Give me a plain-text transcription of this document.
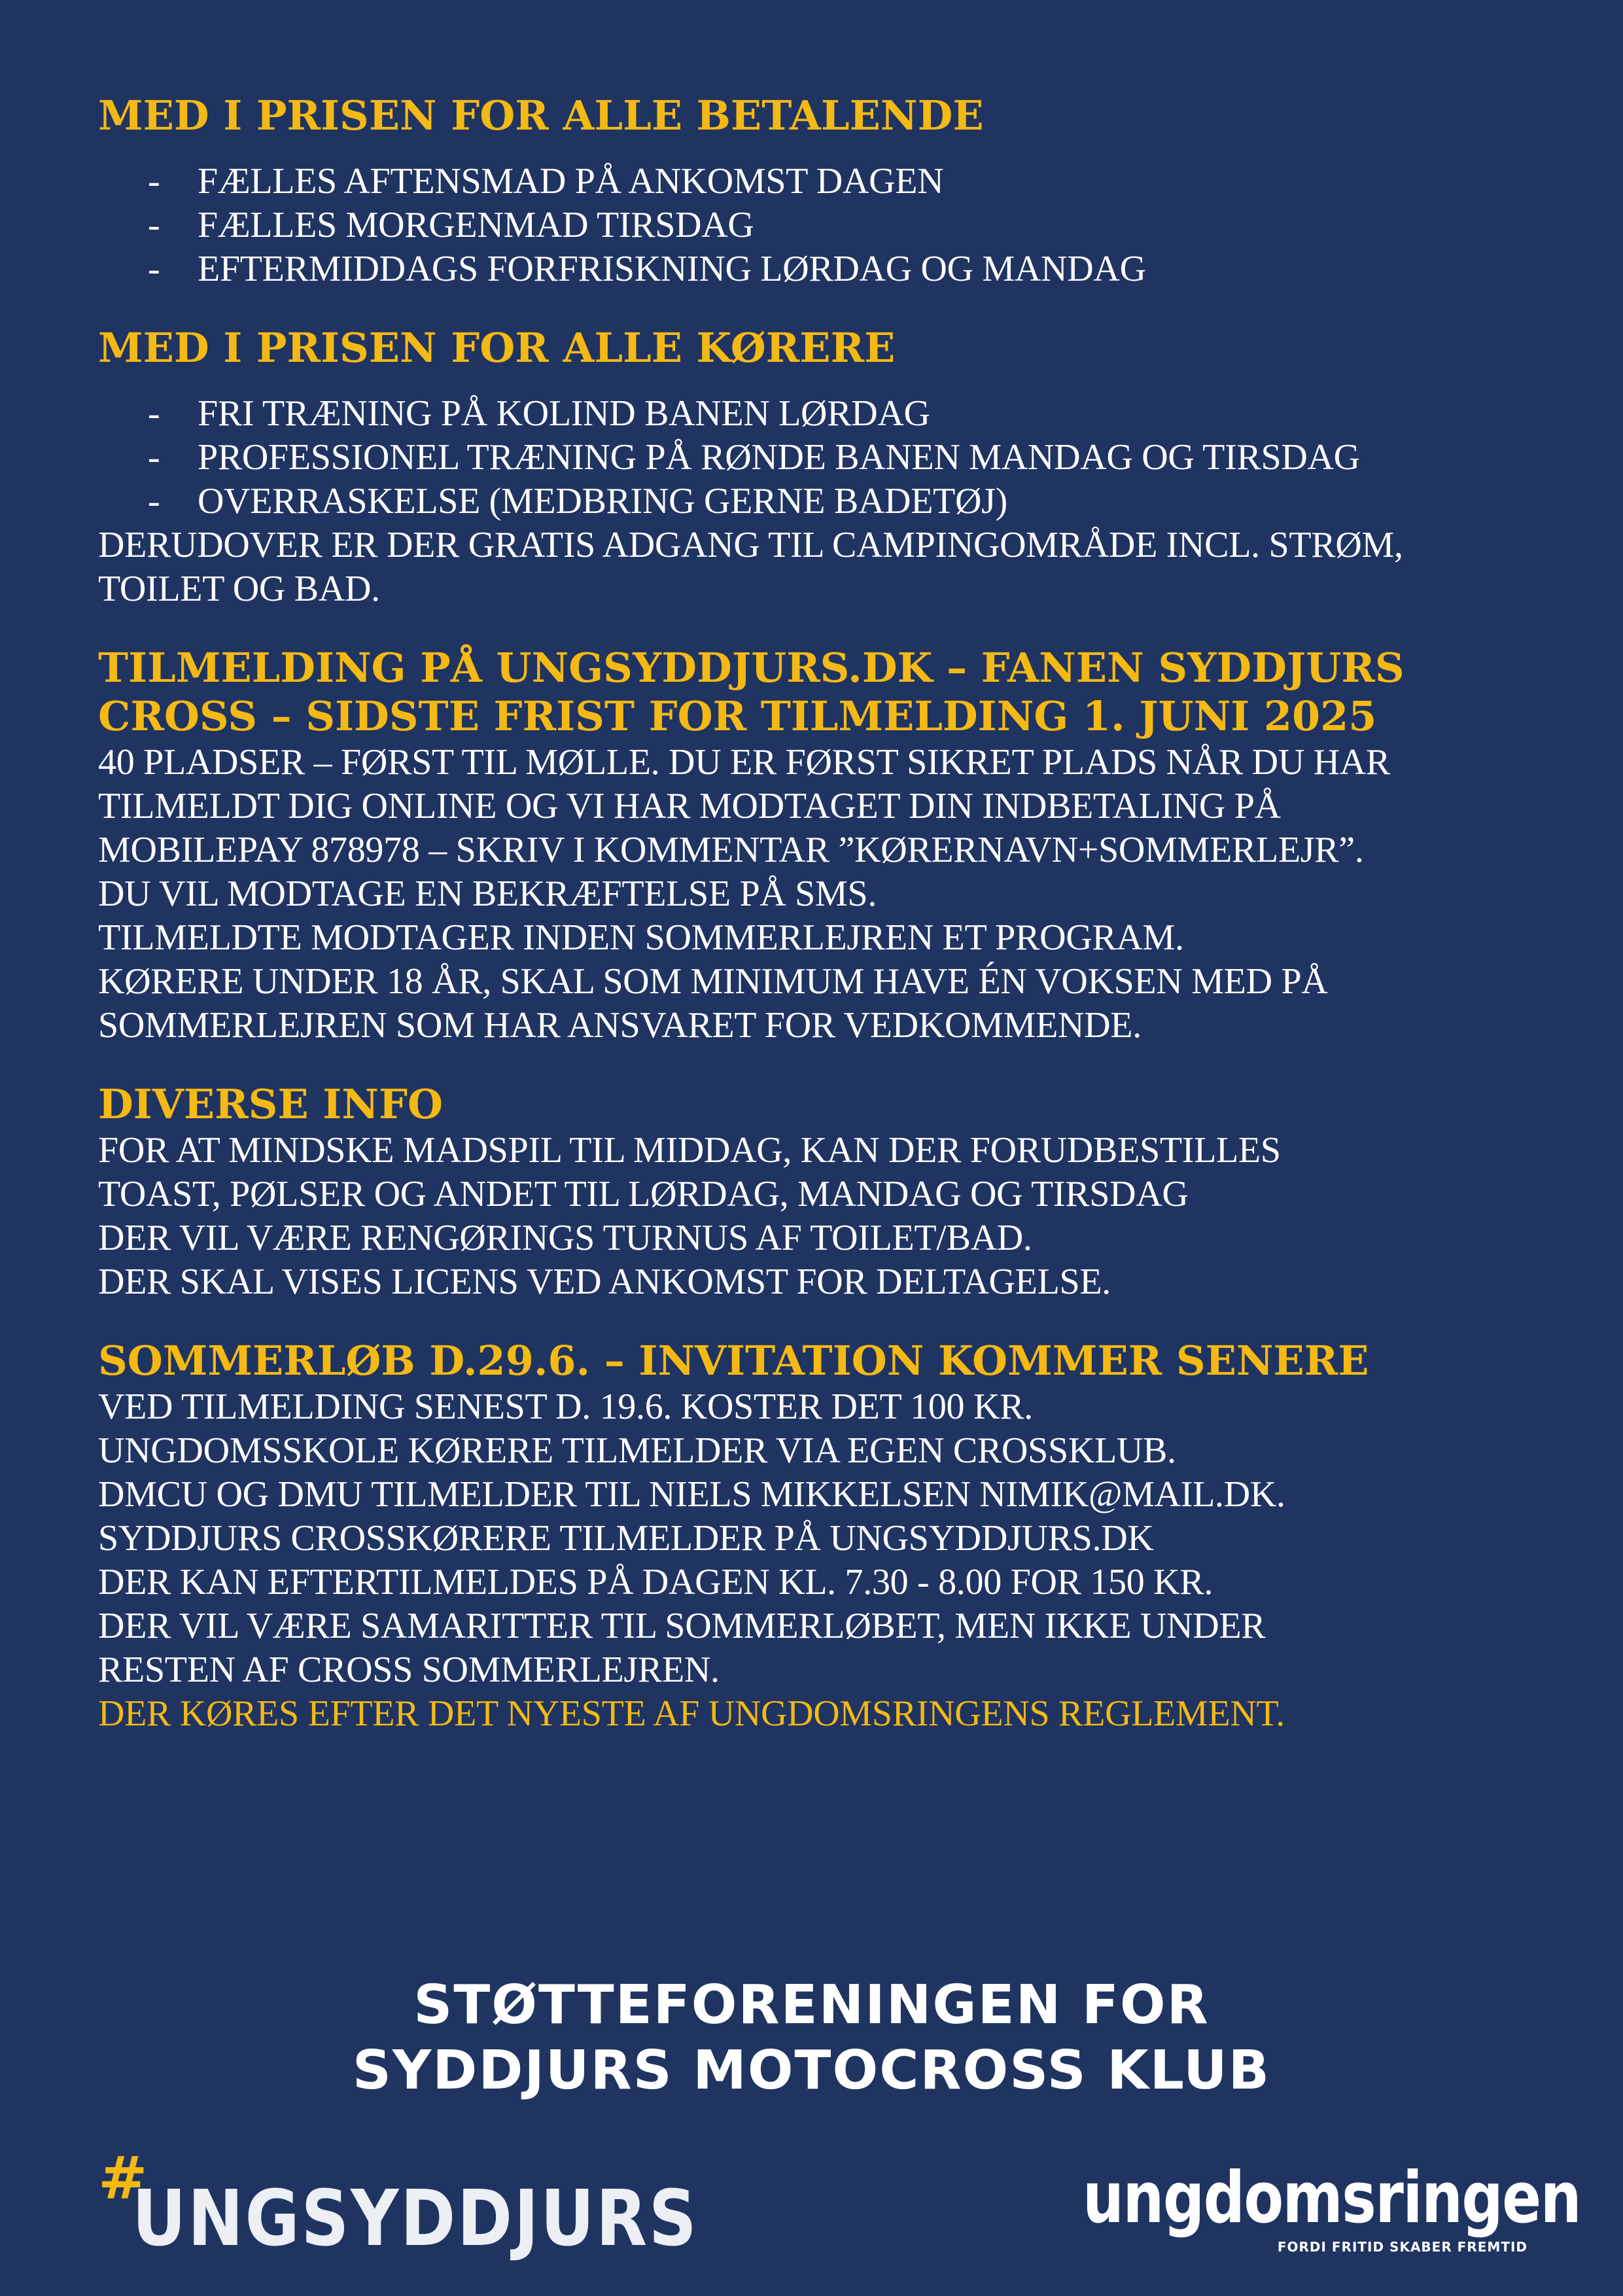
MED I PRISEN FOR ALLE BETALENDE
- FÆLLES AFTENSMAD PÅ ANKOMST DAGEN
- FÆLLES MORGENMAD TIRSDAG
- EFTERMIDDAGS FORFRISKNING LØRDAG OG MANDAG
MED I PRISEN FOR ALLE KØRERE
- FRI TRÆNING PÅ KOLIND BANEN LØRDAG
- PROFESSIONEL TRÆNING PÅ RØNDE BANEN MANDAG OG TIRSDAG
- OVERRASKELSE (MEDBRING GERNE BADETØJ)

DERUDOVER ER DER GRATIS ADGANG TIL CAMPINGOMRÅDE INCL. STRØM,
TOILET OG BAD.

TILMELDING PÅ UNGSYDDJURS.DK – FANEN SYDDJURS
CROSS – SIDSTE FRIST FOR TILMELDING 1. JUNI 2025

40 PLADSER – FØRST TIL MØLLE. DU ER FØRST SIKRET PLADS NÅR DU HAR
TILMELDT DIG ONLINE OG VI HAR MODTAGET DIN INDBETALING PÅ
MOBILEPAY 878978 – SKRIV I KOMMENTAR ”KØRERNAVN+SOMMERLEJR”.
DU VIL MODTAGE EN BEKRÆFTELSE PÅ SMS.
TILMELDTE MODTAGER INDEN SOMMERLEJREN ET PROGRAM.
KØRERE UNDER 18 ÅR, SKAL SOM MINIMUM HAVE ÉN VOKSEN MED PÅ
SOMMERLEJREN SOM HAR ANSVARET FOR VEDKOMMENDE.

DIVERSE INFO

FOR AT MINDSKE MADSPIL TIL MIDDAG, KAN DER FORUDBESTILLES
TOAST, PØLSER OG ANDET TIL LØRDAG, MANDAG OG TIRSDAG
DER VIL VÆRE RENGØRINGS TURNUS AF TOILET/BAD.
DER SKAL VISES LICENS VED ANKOMST FOR DELTAGELSE.

SOMMERLØB D.29.6. – INVITATION KOMMER SENERE

VED TILMELDING SENEST D. 19.6. KOSTER DET 100 KR.
UNGDOMSSKOLE KØRERE TILMELDER VIA EGEN CROSSKLUB.
DMCU OG DMU TILMELDER TIL NIELS MIKKELSEN NIMIK@MAIL.DK.
SYDDJURS CROSSKØRERE TILMELDER PÅ UNGSYDDJURS.DK
DER KAN EFTERTILMELDES PÅ DAGEN KL. 7.30 - 8.00 FOR 150 KR.

DER VIL VÆRE SAMARITTER TIL SOMMERLØBET, MEN IKKE UNDER
RESTEN AF CROSS SOMMERLEJREN.
DER KØRES EFTER DET NYESTE AF UNGDOMSRINGENS REGLEMENT.

STØTTEFORENINGEN FOR
SYDDJURS MOTOCROSS KLUB
#
UNGSYDDJURS	ungdomsringen
FORDI FRITID SKABER FREMTID
